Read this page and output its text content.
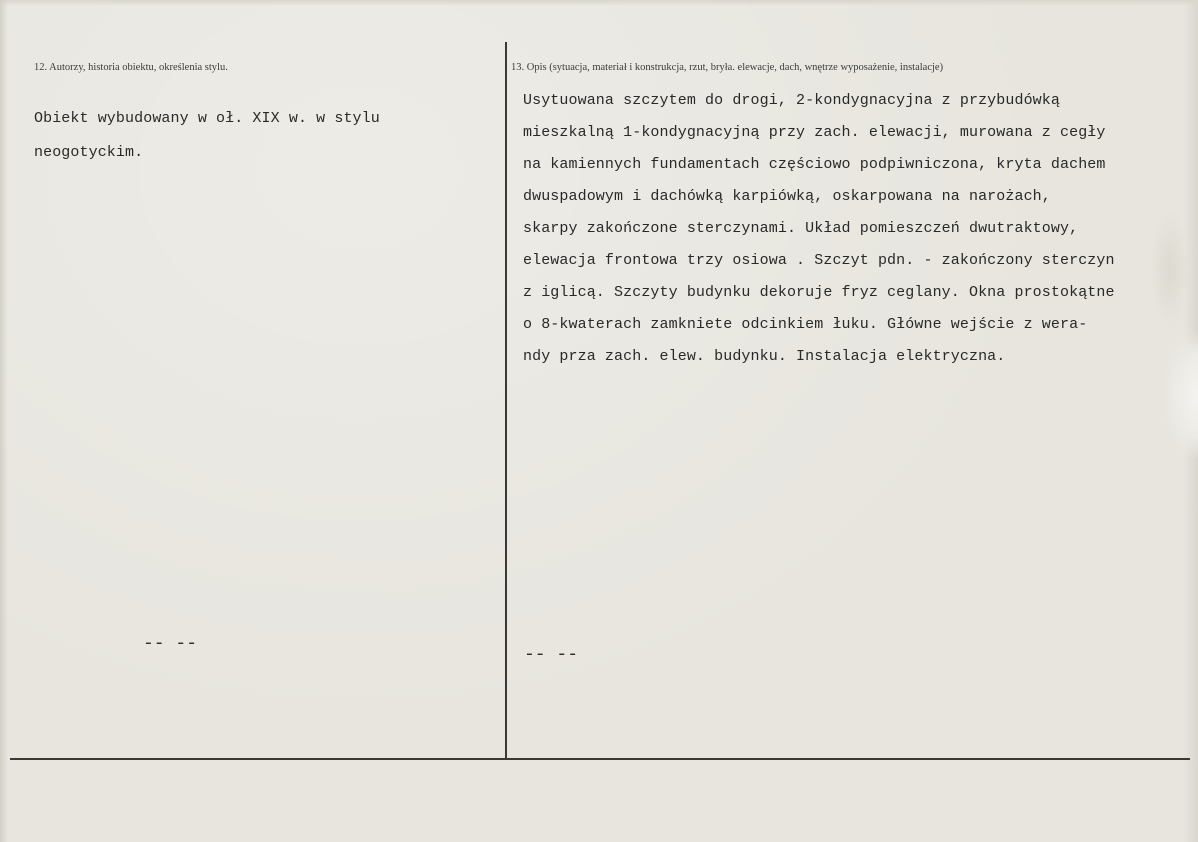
12. Autorzy, historia obiektu, określenia stylu.	13. Opis (sytuacja, materiał i konstrukcja, rzut, bryła. elewacje, dach, wnętrze wyposażenie, instalacje)
Obiekt wybudowany w oł. XIX w. w stylu
neogotyckim.
Usytuowana szczytem do drogi, 2-kondygnacyjna z przybudówką
mieszkalną 1-kondygnacyjną przy zach. elewacji, murowana z cegły
na kamiennych fundamentach częściowo podpiwniczona, kryta dachem
dwuspadowym i dachówką karpiówką, oskarpowana na narożach,
skarpy zakończone sterczynami. Układ pomieszczeń dwutraktowy,
elewacja frontowa trzy osiowa . Szczyt pdn. - zakończony sterczyn
z iglicą. Szczyty budynku dekoruje fryz ceglany. Okna prostokątne
o 8-kwaterach zamkniete odcinkiem łuku. Główne wejście z wera-
ndy prza zach. elew. budynku. Instalacja elektryczna.
-- --
-- --
